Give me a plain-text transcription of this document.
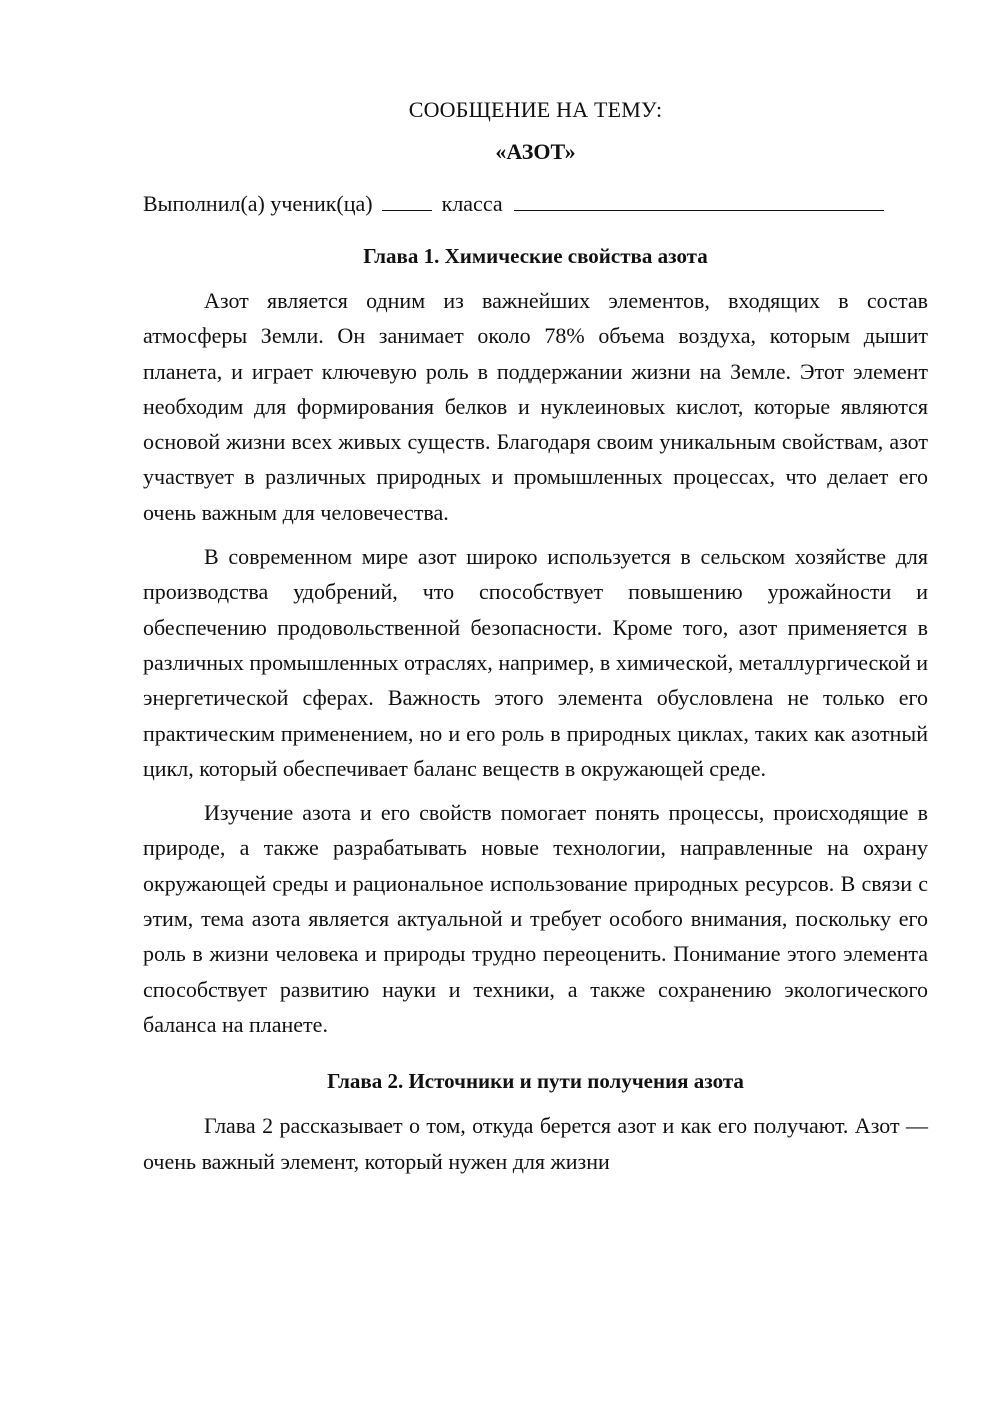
СООБЩЕНИЕ НА ТЕМУ:

«АЗОТ»

Выполнил(а) ученик(ца)	класса

Глава 1. Химические свойства азота

Азот является одним из важнейших элементов, входящих в состав атмосферы Земли. Он занимает около 78% объема воздуха, которым дышит планета, и играет ключевую роль в поддержании жизни на Земле. Этот элемент необходим для формирования белков и нуклеиновых кислот, которые являются основой жизни всех живых существ. Благодаря своим уникальным свойствам, азот участвует в различных природных и промышленных процессах, что делает его очень важным для человечества.

В современном мире азот широко используется в сельском хозяйстве для производства удобрений, что способствует повышению урожайности и обеспечению продовольственной безопасности. Кроме того, азот применяется в различных промышленных отраслях, например, в химической, металлургической и энергетической сферах. Важность этого элемента обусловлена не только его практическим применением, но и его роль в природных циклах, таких как азотный цикл, который обеспечивает баланс веществ в окружающей среде.

Изучение азота и его свойств помогает понять процессы, происходящие в природе, а также разрабатывать новые технологии, направленные на охрану окружающей среды и рациональное использование природных ресурсов. В связи с этим, тема азота является актуальной и требует особого внимания, поскольку его роль в жизни человека и природы трудно переоценить. Понимание этого элемента способствует развитию науки и техники, а также сохранению экологического баланса на планете.

Глава 2. Источники и пути получения азота

Глава 2 рассказывает о том, откуда берется азот и как его получают. Азот — очень важный элемент, который нужен для жизни
